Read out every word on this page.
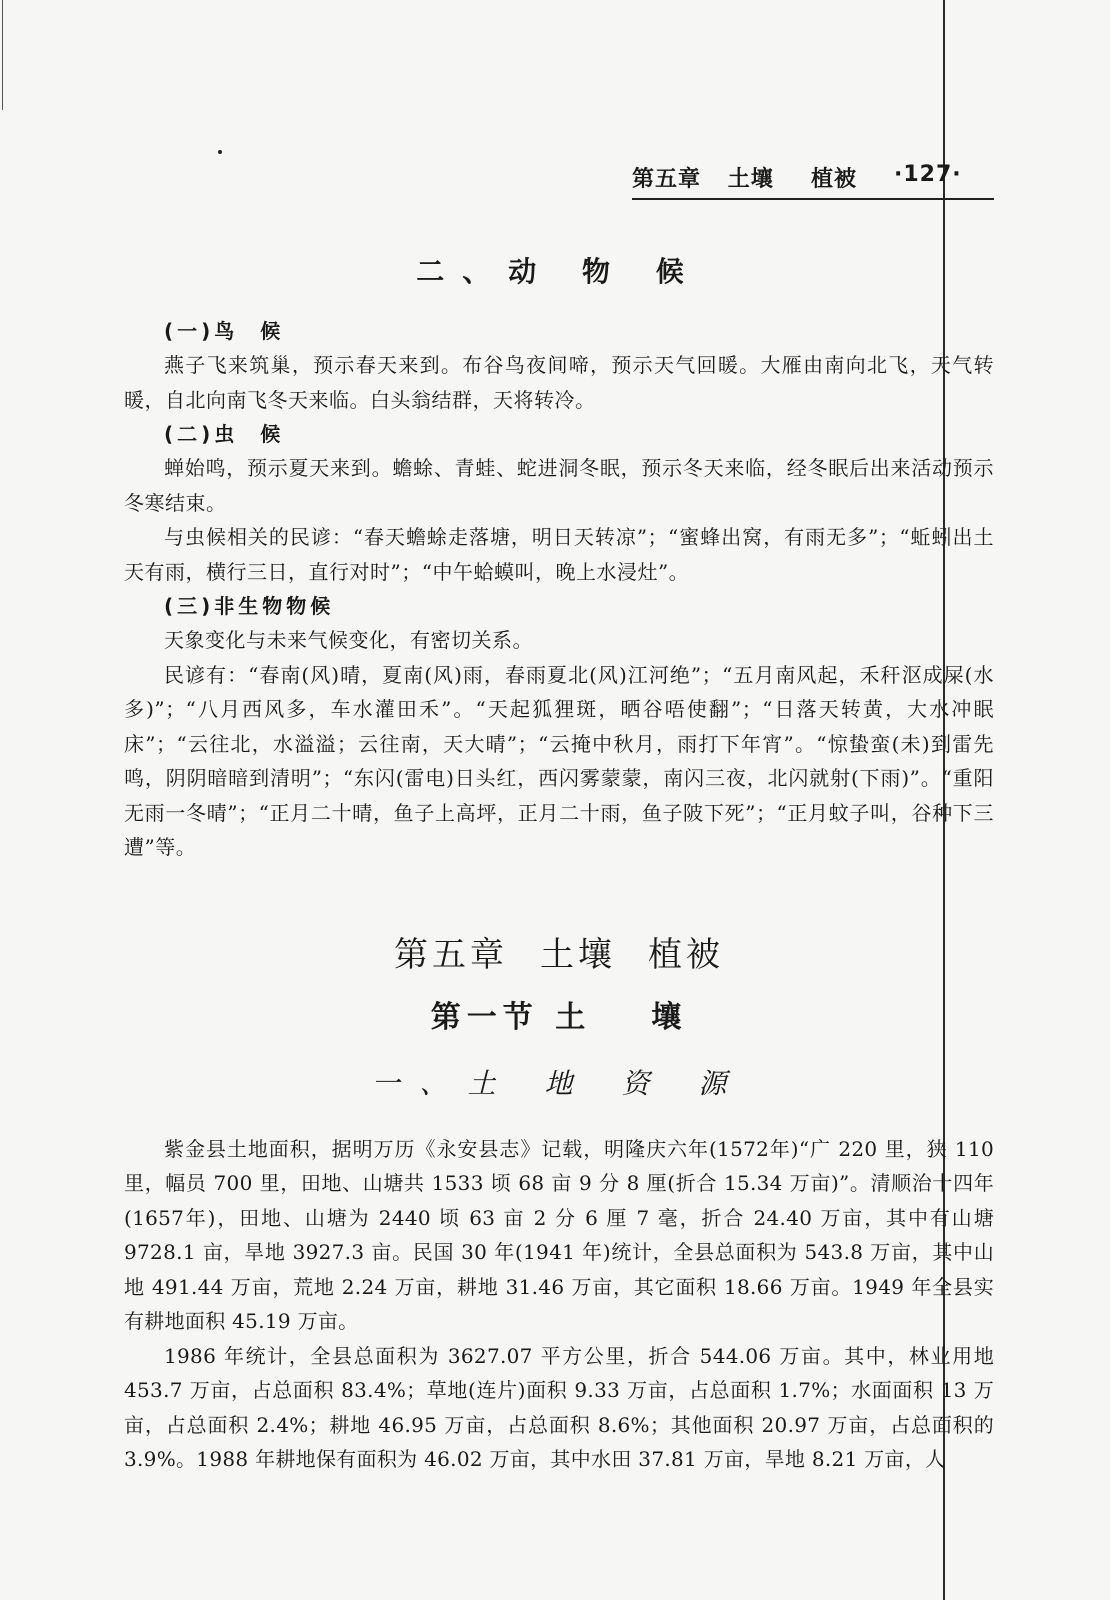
第五章 土壤  植被 ·127·
二、动 物 候
(一)鸟  候

燕子飞来筑巢，预示春天来到。布谷鸟夜间啼，预示天气回暖。大雁由南向北飞，天气转暖，自北向南飞冬天来临。白头翁结群，天将转冷。

(二)虫  候

蝉始鸣，预示夏天来到。蟾蜍、青蛙、蛇进洞冬眠，预示冬天来临，经冬眠后出来活动预示冬寒结束。

与虫候相关的民谚：“春天蟾蜍走落塘，明日天转凉”；“蜜蜂出窝，有雨无多”；“蚯蚓出土天有雨，横行三日，直行对时”；“中午蛤蟆叫，晚上水浸灶”。

(三)非生物物候

天象变化与未来气候变化，有密切关系。

民谚有：“春南(风)晴，夏南(风)雨，春雨夏北(风)江河绝”；“五月南风起，禾秆沤成屎(水多)”；“八月西风多，车水灌田禾”。“天起狐狸斑，晒谷唔使翻”；“日落天转黄，大水冲眠床”；“云往北，水溢溢；云往南，天大晴”；“云掩中秋月，雨打下年宵”。“惊蛰蛮(未)到雷先鸣，阴阴暗暗到清明”；“东闪(雷电)日头红，西闪雾蒙蒙，南闪三夜，北闪就射(下雨)”。“重阳无雨一冬晴”；“正月二十晴，鱼子上高坪，正月二十雨，鱼子陂下死”；“正月蚊子叫，谷种下三遭”等。

第五章 土壤 植被
第一节 土 壤
一、土 地 资 源

紫金县土地面积，据明万历《永安县志》记载，明隆庆六年(1572年)“广 220 里，狭 110 里，幅员 700 里，田地、山塘共 1533 顷 68 亩 9 分 8 厘(折合 15.34 万亩)”。清顺治十四年(1657年)，田地、山塘为 2440 顷 63 亩 2 分 6 厘 7 毫，折合 24.40 万亩，其中有山塘 9728.1 亩，旱地 3927.3 亩。民国 30 年(1941 年)统计，全县总面积为 543.8 万亩，其中山地 491.44 万亩，荒地 2.24 万亩，耕地 31.46 万亩，其它面积 18.66 万亩。1949 年全县实有耕地面积 45.19 万亩。

1986 年统计，全县总面积为 3627.07 平方公里，折合 544.06 万亩。其中，林业用地 453.7 万亩，占总面积 83.4%；草地(连片)面积 9.33 万亩，占总面积 1.7%；水面面积 13 万亩，占总面积 2.4%；耕地 46.95 万亩，占总面积 8.6%；其他面积 20.97 万亩，占总面积的 3.9%。1988 年耕地保有面积为 46.02 万亩，其中水田 37.81 万亩，旱地 8.21 万亩，人
